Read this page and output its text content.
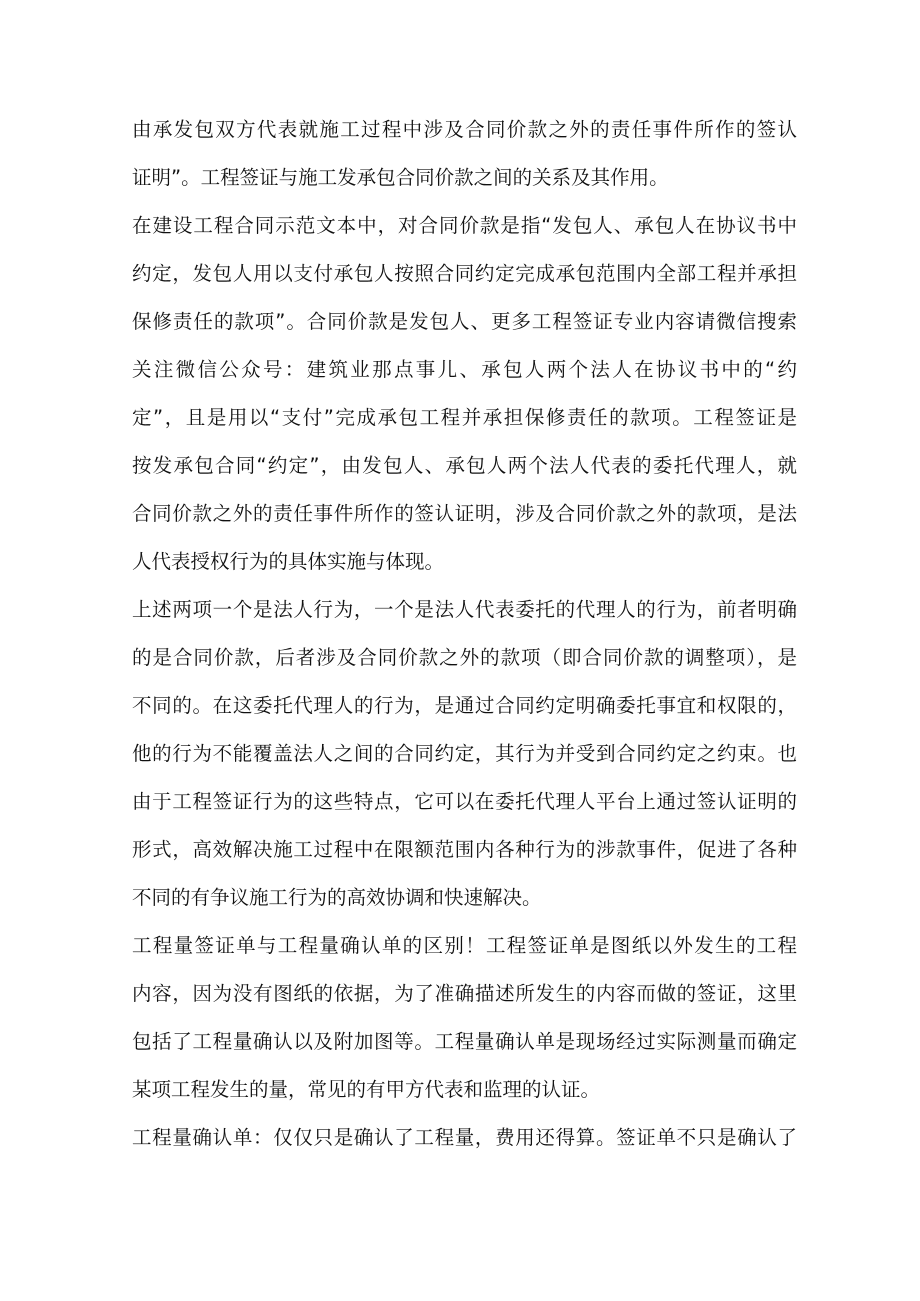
由承发包双方代表就施工过程中涉及合同价款之外的责任事件所作的签认
证明”。工程签证与施工发承包合同价款之间的关系及其作用。
在建设工程合同示范文本中，对合同价款是指“发包人、承包人在协议书中
约定，发包人用以支付承包人按照合同约定完成承包范围内全部工程并承担
保修责任的款项”。合同价款是发包人、更多工程签证专业内容请微信搜索
关注微信公众号：建筑业那点事儿、承包人两个法人在协议书中的“约
定”，且是用以“支付”完成承包工程并承担保修责任的款项。工程签证是
按发承包合同“约定”，由发包人、承包人两个法人代表的委托代理人，就
合同价款之外的责任事件所作的签认证明，涉及合同价款之外的款项，是法
人代表授权行为的具体实施与体现。
上述两项一个是法人行为，一个是法人代表委托的代理人的行为，前者明确
的是合同价款，后者涉及合同价款之外的款项（即合同价款的调整项），是
不同的。在这委托代理人的行为，是通过合同约定明确委托事宜和权限的，
他的行为不能覆盖法人之间的合同约定，其行为并受到合同约定之约束。也
由于工程签证行为的这些特点，它可以在委托代理人平台上通过签认证明的
形式，高效解决施工过程中在限额范围内各种行为的涉款事件，促进了各种
不同的有争议施工行为的高效协调和快速解决。
工程量签证单与工程量确认单的区别！工程签证单是图纸以外发生的工程
内容，因为没有图纸的依据，为了准确描述所发生的内容而做的签证，这里
包括了工程量确认以及附加图等。工程量确认单是现场经过实际测量而确定
某项工程发生的量，常见的有甲方代表和监理的认证。
工程量确认单：仅仅只是确认了工程量，费用还得算。签证单不只是确认了
